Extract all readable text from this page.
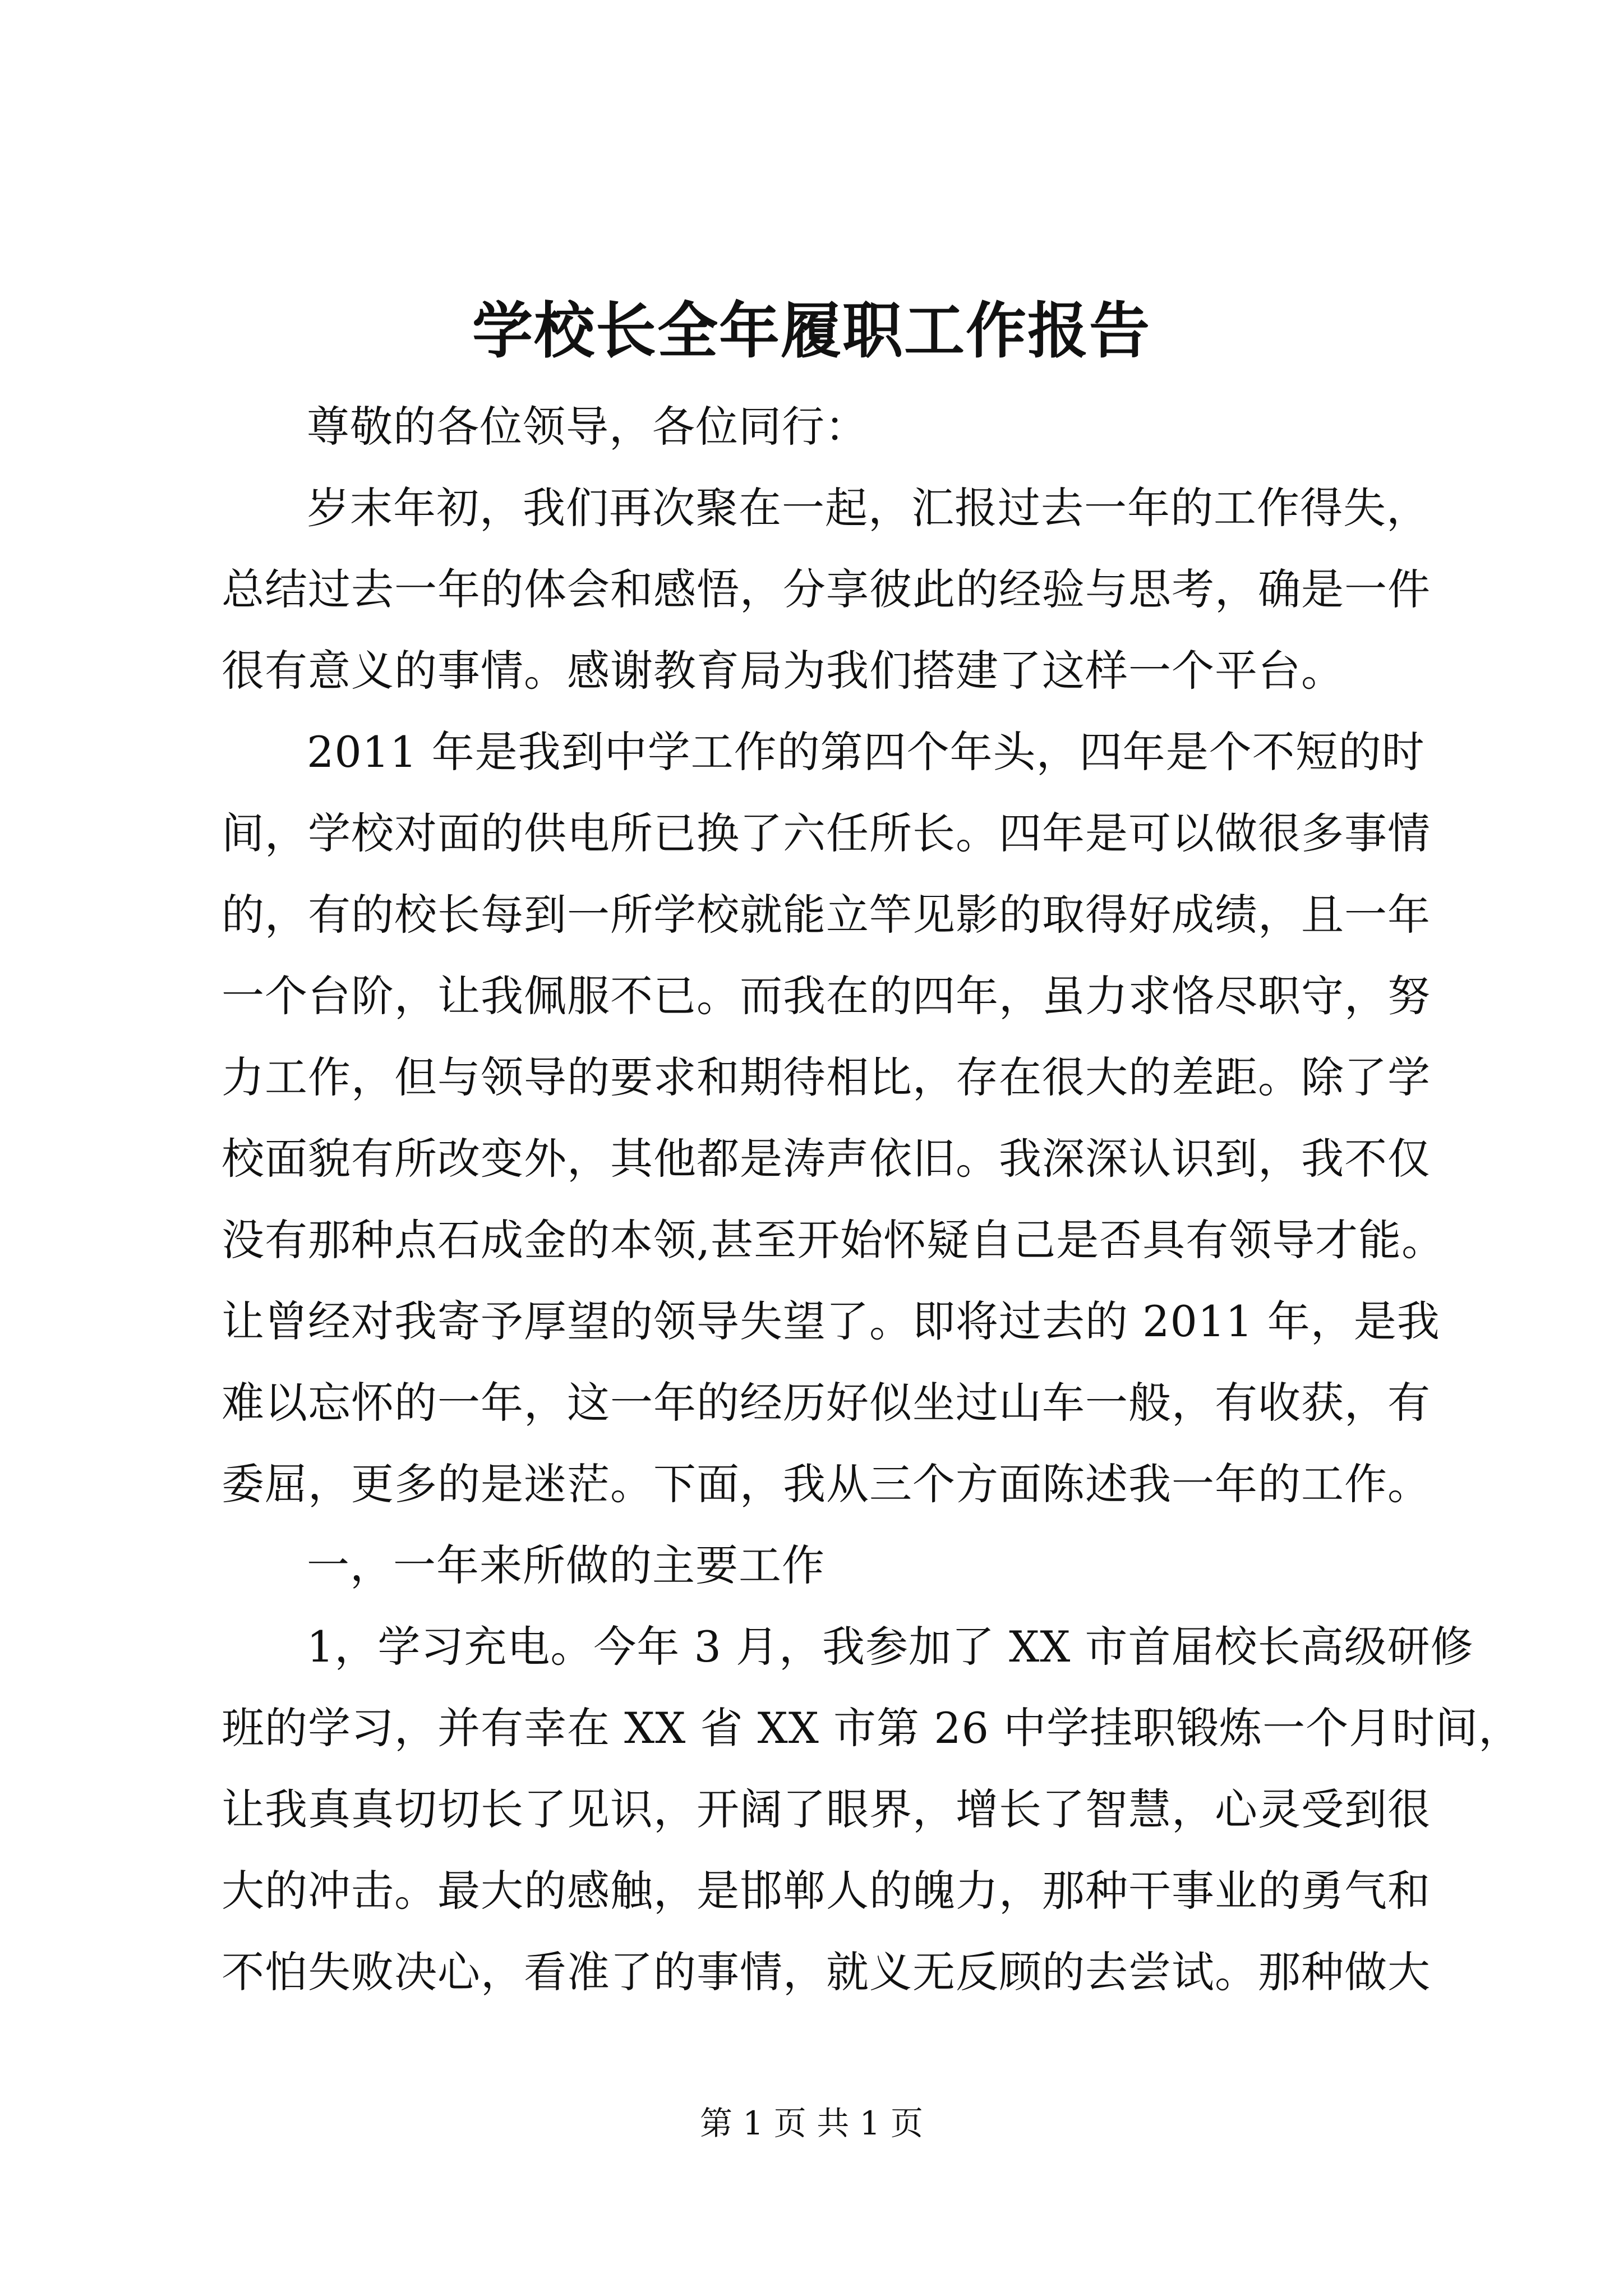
学校长全年履职工作报告
尊敬的各位领导，各位同行：
岁末年初，我们再次聚在一起，汇报过去一年的工作得失，
总结过去一年的体会和感悟，分享彼此的经验与思考，确是一件
很有意义的事情。感谢教育局为我们搭建了这样一个平台。
2011 年是我到中学工作的第四个年头，四年是个不短的时
间，学校对面的供电所已换了六任所长。四年是可以做很多事情
的，有的校长每到一所学校就能立竿见影的取得好成绩，且一年
一个台阶，让我佩服不已。而我在的四年，虽力求恪尽职守，努
力工作，但与领导的要求和期待相比，存在很大的差距。除了学
校面貌有所改变外，其他都是涛声依旧。我深深认识到，我不仅
没有那种点石成金的本领,甚至开始怀疑自己是否具有领导才能。
让曾经对我寄予厚望的领导失望了。即将过去的 2011 年，是我
难以忘怀的一年，这一年的经历好似坐过山车一般，有收获，有
委屈，更多的是迷茫。下面，我从三个方面陈述我一年的工作。
一，一年来所做的主要工作
1，学习充电。今年 3 月，我参加了 XX 市首届校长高级研修
班的学习，并有幸在 XX 省 XX 市第 26 中学挂职锻炼一个月时间，
让我真真切切长了见识，开阔了眼界，增长了智慧，心灵受到很
大的冲击。最大的感触，是邯郸人的魄力，那种干事业的勇气和
不怕失败决心，看准了的事情，就义无反顾的去尝试。那种做大
第 1 页 共 1 页
